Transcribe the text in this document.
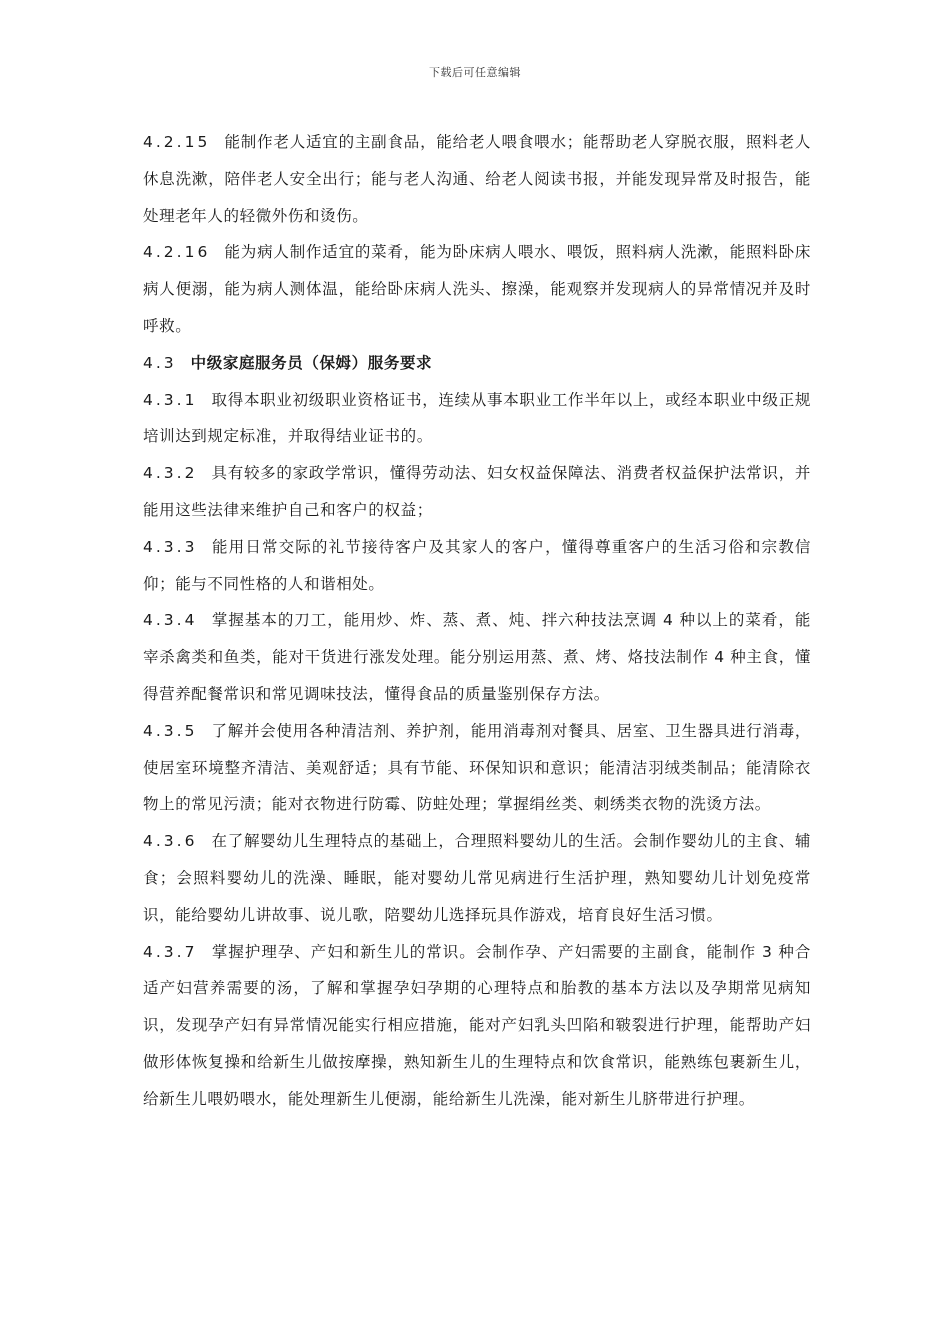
下载后可任意编辑

4.2.15 能制作老人适宜的主副食品，能给老人喂食喂水；能帮助老人穿脱衣服，照料老人休息洗漱，陪伴老人安全出行；能与老人沟通、给老人阅读书报，并能发现异常及时报告，能处理老年人的轻微外伤和烫伤。

4.2.16 能为病人制作适宜的菜肴，能为卧床病人喂水、喂饭，照料病人洗漱，能照料卧床病人便溺，能为病人测体温，能给卧床病人洗头、擦澡，能观察并发现病人的异常情况并及时呼救。

4.3 中级家庭服务员（保姆）服务要求

4.3.1 取得本职业初级职业资格证书，连续从事本职业工作半年以上，或经本职业中级正规培训达到规定标准，并取得结业证书的。

4.3.2 具有较多的家政学常识，懂得劳动法、妇女权益保障法、消费者权益保护法常识，并能用这些法律来维护自己和客户的权益；

4.3.3 能用日常交际的礼节接待客户及其家人的客户，懂得尊重客户的生活习俗和宗教信仰；能与不同性格的人和谐相处。

4.3.4 掌握基本的刀工，能用炒、炸、蒸、煮、炖、拌六种技法烹调 4 种以上的菜肴，能宰杀禽类和鱼类，能对干货进行涨发处理。能分别运用蒸、煮、烤、烙技法制作 4 种主食，懂得营养配餐常识和常见调味技法，懂得食品的质量鉴别保存方法。

4.3.5 了解并会使用各种清洁剂、养护剂，能用消毒剂对餐具、居室、卫生器具进行消毒，使居室环境整齐清洁、美观舒适；具有节能、环保知识和意识；能清洁羽绒类制品；能清除衣物上的常见污渍；能对衣物进行防霉、防蛀处理；掌握绢丝类、刺绣类衣物的洗烫方法。

4.3.6 在了解婴幼儿生理特点的基础上，合理照料婴幼儿的生活。会制作婴幼儿的主食、辅食；会照料婴幼儿的洗澡、睡眠，能对婴幼儿常见病进行生活护理，熟知婴幼儿计划免疫常识，能给婴幼儿讲故事、说儿歌，陪婴幼儿选择玩具作游戏，培育良好生活习惯。

4.3.7 掌握护理孕、产妇和新生儿的常识。会制作孕、产妇需要的主副食，能制作 3 种合适产妇营养需要的汤，了解和掌握孕妇孕期的心理特点和胎教的基本方法以及孕期常见病知识，发现孕产妇有异常情况能实行相应措施，能对产妇乳头凹陷和皲裂进行护理，能帮助产妇做形体恢复操和给新生儿做按摩操，熟知新生儿的生理特点和饮食常识，能熟练包裹新生儿，给新生儿喂奶喂水，能处理新生儿便溺，能给新生儿洗澡，能对新生儿脐带进行护理。
